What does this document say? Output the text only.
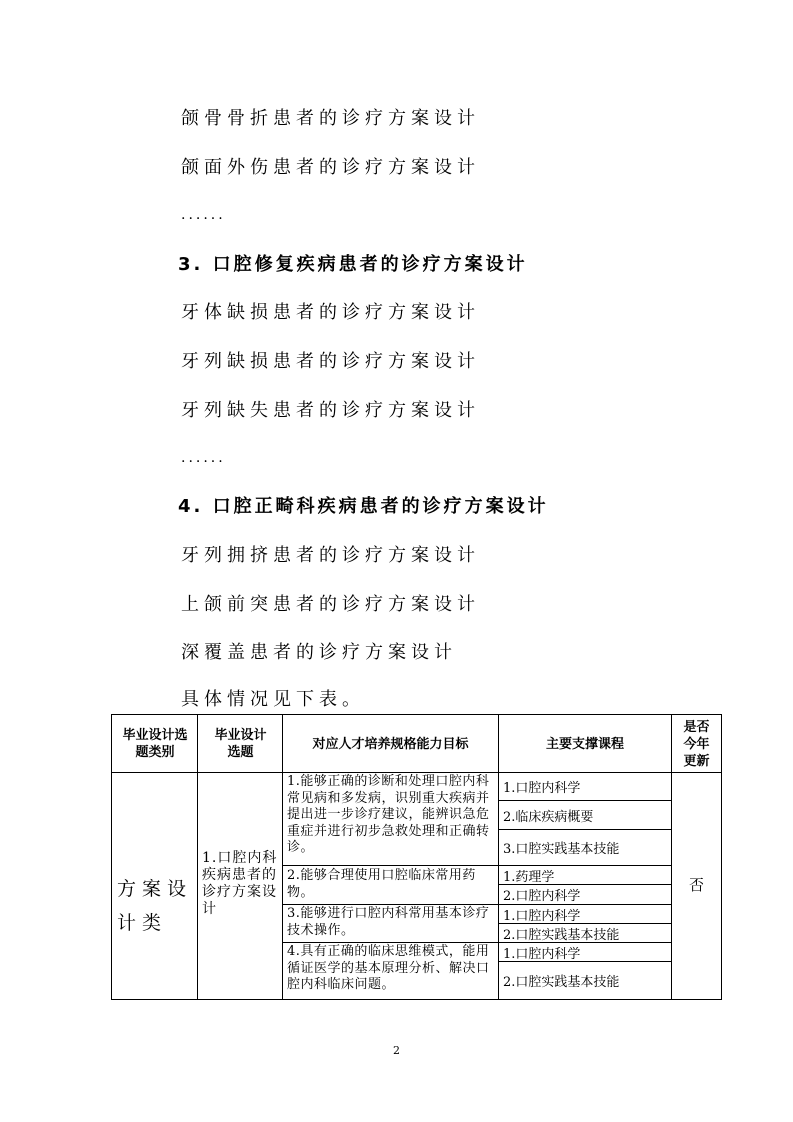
颌骨骨折患者的诊疗方案设计
颌面外伤患者的诊疗方案设计
......
3. 口腔修复疾病患者的诊疗方案设计
牙体缺损患者的诊疗方案设计
牙列缺损患者的诊疗方案设计
牙列缺失患者的诊疗方案设计
......
4. 口腔正畸科疾病患者的诊疗方案设计
牙列拥挤患者的诊疗方案设计
上颌前突患者的诊疗方案设计
深覆盖患者的诊疗方案设计
具体情况见下表。
毕业设计选题类别
毕业设计选题
对应人才培养规格能力目标	主要支撑课程
是否今年更新
方案设计类
1.口腔内科疾病患者的诊疗方案设计
否
1.能够正确的诊断和处理口腔内科常见病和多发病，识别重大疾病并提出进一步诊疗建议，能辨识急危重症并进行初步急救处理和正确转诊。
2.能够合理使用口腔临床常用药物。
3.能够进行口腔内科常用基本诊疗技术操作。
4.具有正确的临床思维模式，能用循证医学的基本原理分析、解决口腔内科临床问题。
1.口腔内科学
2.临床疾病概要
3.口腔实践基本技能
1.药理学
2.口腔内科学
1.口腔内科学
2.口腔实践基本技能
1.口腔内科学
2.口腔实践基本技能
2
